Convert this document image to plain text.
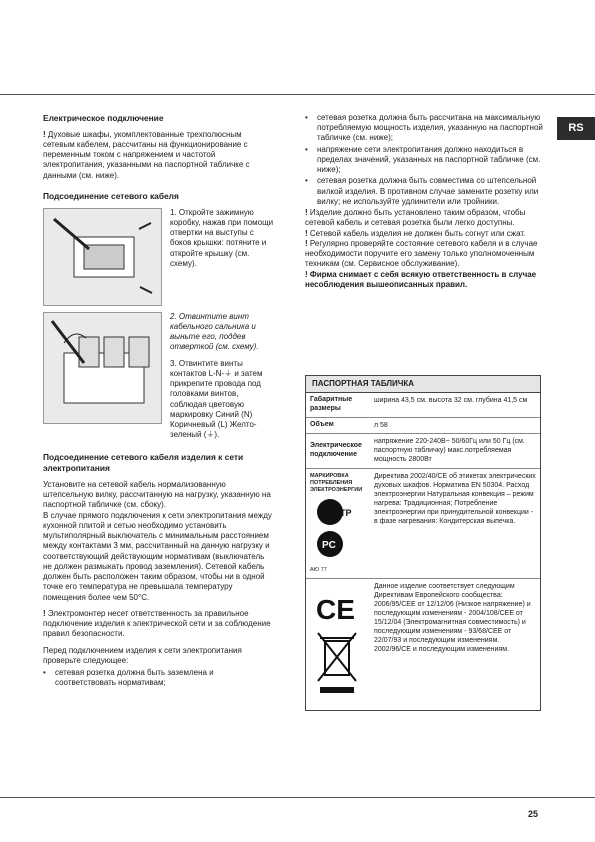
RS
Електрическое подключение

! Духовые шкафы, укомплектованные трехполюсным сетевым кабелем, рассчитаны на функционирование с переменным током с напряжением и частотой электропитания, указанными на паспортной табличке с данными (см. ниже).

Подсоединение сетевого кабеля
1. Откройте зажимную коробку, нажав при помощи отвертки на выступы с боков крышки: потяните и откройте крышку (см. схему).

2. Отвинтите винт кабельного сальника и выньте его, поддев отверткой (см. схему).

3. Отвинтите винты контактов L-N-⏚ и затем прикрепите провода под головками винтов, соблюдая цветовую маркировку Синий (N) Коричневый (L) Желто-зеленый (⏚).

Подсоединение сетевого кабеля изделия к сети электропитания

Установите на сетевой кабель нормализованную штепсельную вилку, рассчитанную на нагрузку, указанную на паспортной табличке (см. сбоку).

В случае прямого подключения к сети электропитания между кухонной плитой и сетью необходимо установить мультиполярный выключатель с минимальным расстоянием между контактами 3 мм, рассчитанный на данную нагрузку и соответствующий действующим нормативам (выключатель не должен размыкать провод заземления). Сетевой кабель должен быть расположен таким образом, чтобы ни в одной точке его температура не превышала температуру помещения более чем 50°С.

! Электромонтер несет ответственность за правильное подключение изделия к электрической сети и за соблюдение правил безопасности.

Перед подключением изделия к сети электропитания проверьте следующее:

• сетевая розетка должна быть заземлена и соответствовать нормативам;
• сетевая розетка должна быть рассчитана на максимальную потребляемую мощность изделия, указанную на паспортной табличке (см. ниже);
• напряжение сети электропитания должно находиться в пределах значений, указанных на паспортной табличке (см. ниже);
• сетевая розетка должна быть совместима со штепсельной вилкой изделия. В противном случае замените розетку или вилку; не используйте удлинители или тройники.

! Изделие должно быть установлено таким образом, чтобы сетевой кабель и сетевая розетка были легко доступны.

! Сетевой кабель изделия не должен быть согнут или сжат.

! Регулярно проверяйте состояние сетевого кабеля и в случае необходимости поручите его замену только уполномоченным техникам (см. Сервисное обслуживание).

! Фирма снимает с себя всякую ответственность в случае несоблюдения вышеописанных правил.

ПАСПОРТНАЯ ТАБЛИЧКА
Габаритные размеры
ширина 43,5 см. высота 32 см. глубина 41,5 см
Объем	л 58
Электрическое подключение
напряжение 220-240В~ 50/60Гц или 50 Гц (см. паспортную табличку) макс.потребляемая мощность 2800Вт
МАРКИРОВКА ПОТРЕБЛЕНИЯ ЭЛЕКТРОЭНЕРГИИ
TP
PC
АЮ 77
Директива 2002/40/CE об этикетах электрических духовых шкафов. Норматива EN 50304. Расход электроэнергии Натуральная конвекция – режим нагрева: Традиционная; Потребление электроэнергии при принудительной конвекции - в фазе нагревания: Кондитерская выпечка.
CE
Данное изделие соответствует следующим Директивам Европейского сообщества: 2006/95/CEE от 12/12/06 (Низкое напряжение) и последующим изменениям - 2004/108/CEE от 15/12/04 (Электромагнитная совместимость) и последующим изменениям - 93/68/CEE от 22/07/93 и последующим изменениям. 2002/96/CE и последующим изменениям.
25
